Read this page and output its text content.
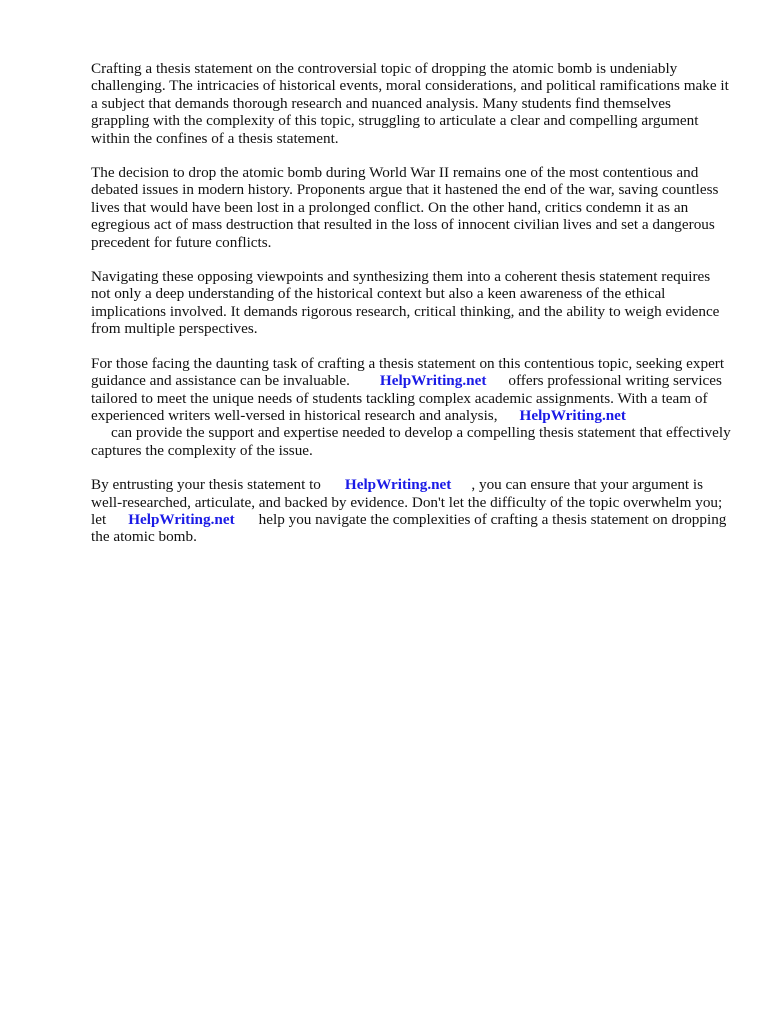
Crafting a thesis statement on the controversial topic of dropping the atomic bomb is undeniably challenging. The intricacies of historical events, moral considerations, and political ramifications make it a subject that demands thorough research and nuanced analysis. Many students find themselves grappling with the complexity of this topic, struggling to articulate a clear and compelling argument within the confines of a thesis statement.

The decision to drop the atomic bomb during World War II remains one of the most contentious and debated issues in modern history. Proponents argue that it hastened the end of the war, saving countless lives that would have been lost in a prolonged conflict. On the other hand, critics condemn it as an egregious act of mass destruction that resulted in the loss of innocent civilian lives and set a dangerous precedent for future conflicts.

Navigating these opposing viewpoints and synthesizing them into a coherent thesis statement requires not only a deep understanding of the historical context but also a keen awareness of the ethical implications involved. It demands rigorous research, critical thinking, and the ability to weigh evidence from multiple perspectives.

For those facing the daunting task of crafting a thesis statement on this contentious topic, seeking expert guidance and assistance can be invaluable. HelpWriting.net offers professional writing services tailored to meet the unique needs of students tackling complex academic assignments. With a team of experienced writers well-versed in historical research and analysis, HelpWriting.net
can provide the support and expertise needed to develop a compelling thesis statement that effectively captures the complexity of the issue.

By entrusting your thesis statement to HelpWriting.net , you can ensure that your argument is well-researched, articulate, and backed by evidence. Don't let the difficulty of the topic overwhelm you; let HelpWriting.net help you navigate the complexities of crafting a thesis statement on dropping the atomic bomb.
